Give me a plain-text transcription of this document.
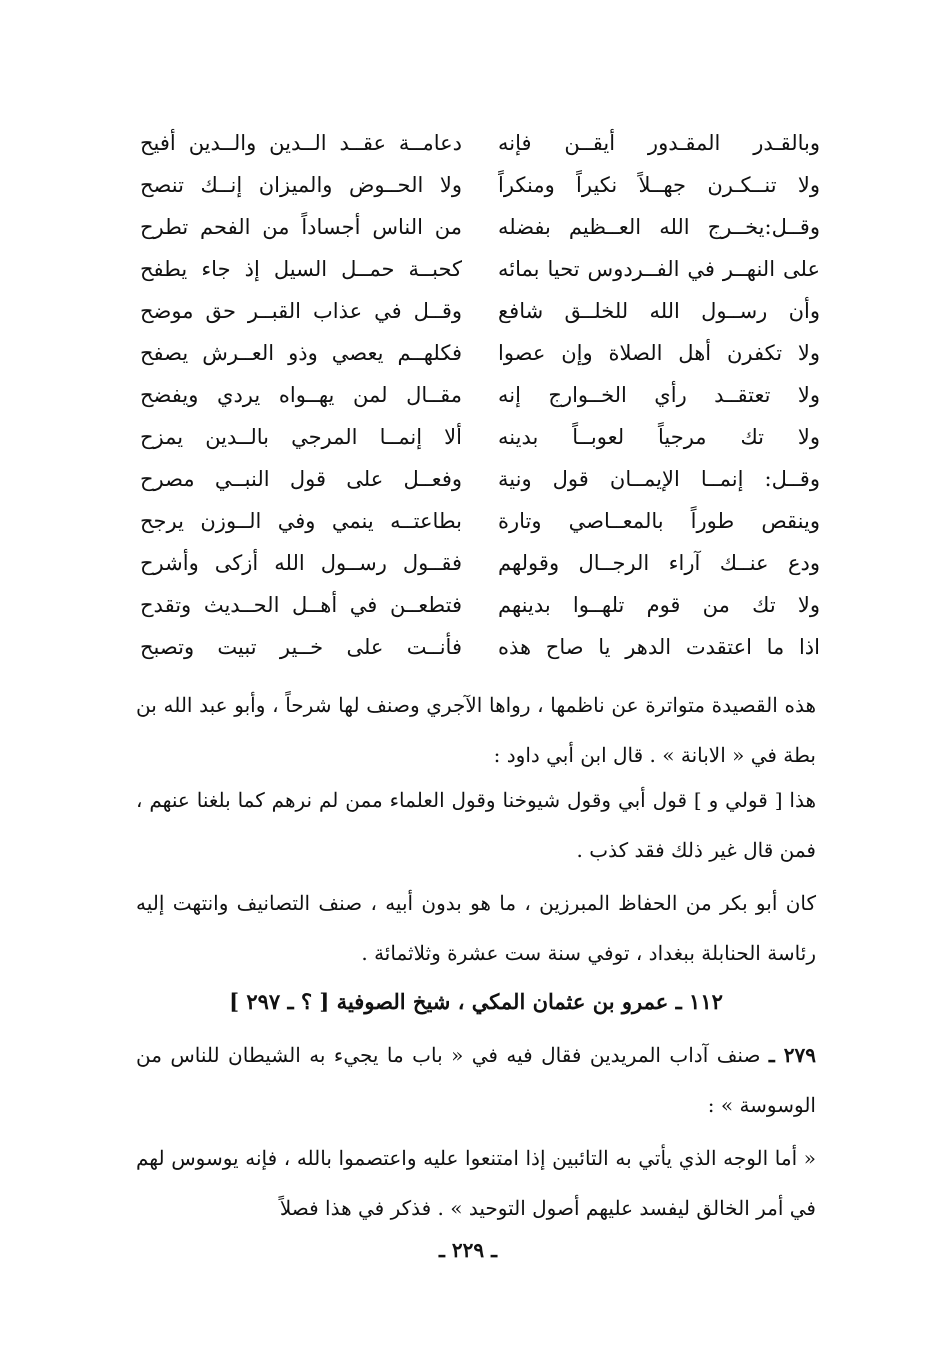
وبالقـدر المقـدور أيقــن فإنه
ولا تنــكـرن جهــلاً نكيراً ومنكراً
وقــل:يخــرج الله العــظيم بفضله
على النهــر في الفــردوس تحيا بمائه
وأن رســول الله للخلــق شافع
ولا تكفرن أهل الصلاة وإن عصوا
ولا تعتقــد رأي الخــوارج إنه
ولا تك مرجياً لعوبــاً بدينه
وقــل: إنمــا الإيمــان قول ونية
وينقص طوراً بالمعــاصي وتارة
ودع عنــك آراء الرجــال وقولهم
ولا تك من قوم تلهــوا بدينهم
اذا ما اعتقدت الدهر يا صاح هذه
دعامــة عقــد الــدين والــدين أفيح
ولا الحــوض والميزان إنــك تنصح
من الناس أجساداً من الفحم تطرح
كحبــة حمــل السيل إذ جاء يطفح
وقــل في عذاب القبــر حق موضح
فكلهــم يعصي وذو العــرش يصفح
مقــال لمن يهــواه يردي ويفضح
ألا إنمــا المرجي بالــدين يمزح
وفعــل على قول النبــي مصرح
بطاعتــه ينمي وفي الــوزن يرجح
فقــول رســول الله أزكى وأشرح
فتطعــن في أهــل الحــديث وتقدح
فأنــت على خــير تبيت وتصبح

هذه القصيدة متواترة عن ناظمها ، رواها الآجري وصنف لها شرحاً ، وأبو عبد الله بن بطة في « الابانة » . قال ابن أبي داود :

هذا [ قولي و ] قول أبي وقول شيوخنا وقول العلماء ممن لم نرهم كما بلغنا عنهم ، فمن قال غير ذلك فقد كذب .

كان أبو بكر من الحفاظ المبرزين ، ما هو بدون أبيه ، صنف التصانيف وانتهت إليه رئاسة الحنابلة ببغداد ، توفي سنة ست عشرة وثلاثمائة .

١١٢ ـ عمرو بن عثمان المكي ، شيخ الصوفية [ ؟ ـ ٢٩٧ ]

٢٧٩ ـ صنف آداب المريدين فقال فيه في « باب ما يجيء به الشيطان للناس من الوسوسة » :

« أما الوجه الذي يأتي به التائبين إذا امتنعوا عليه واعتصموا بالله ، فإنه يوسوس لهم في أمر الخالق ليفسد عليهم أصول التوحيد » . فذكر في هذا فصلاً

ـ ٢٢٩ ـ
